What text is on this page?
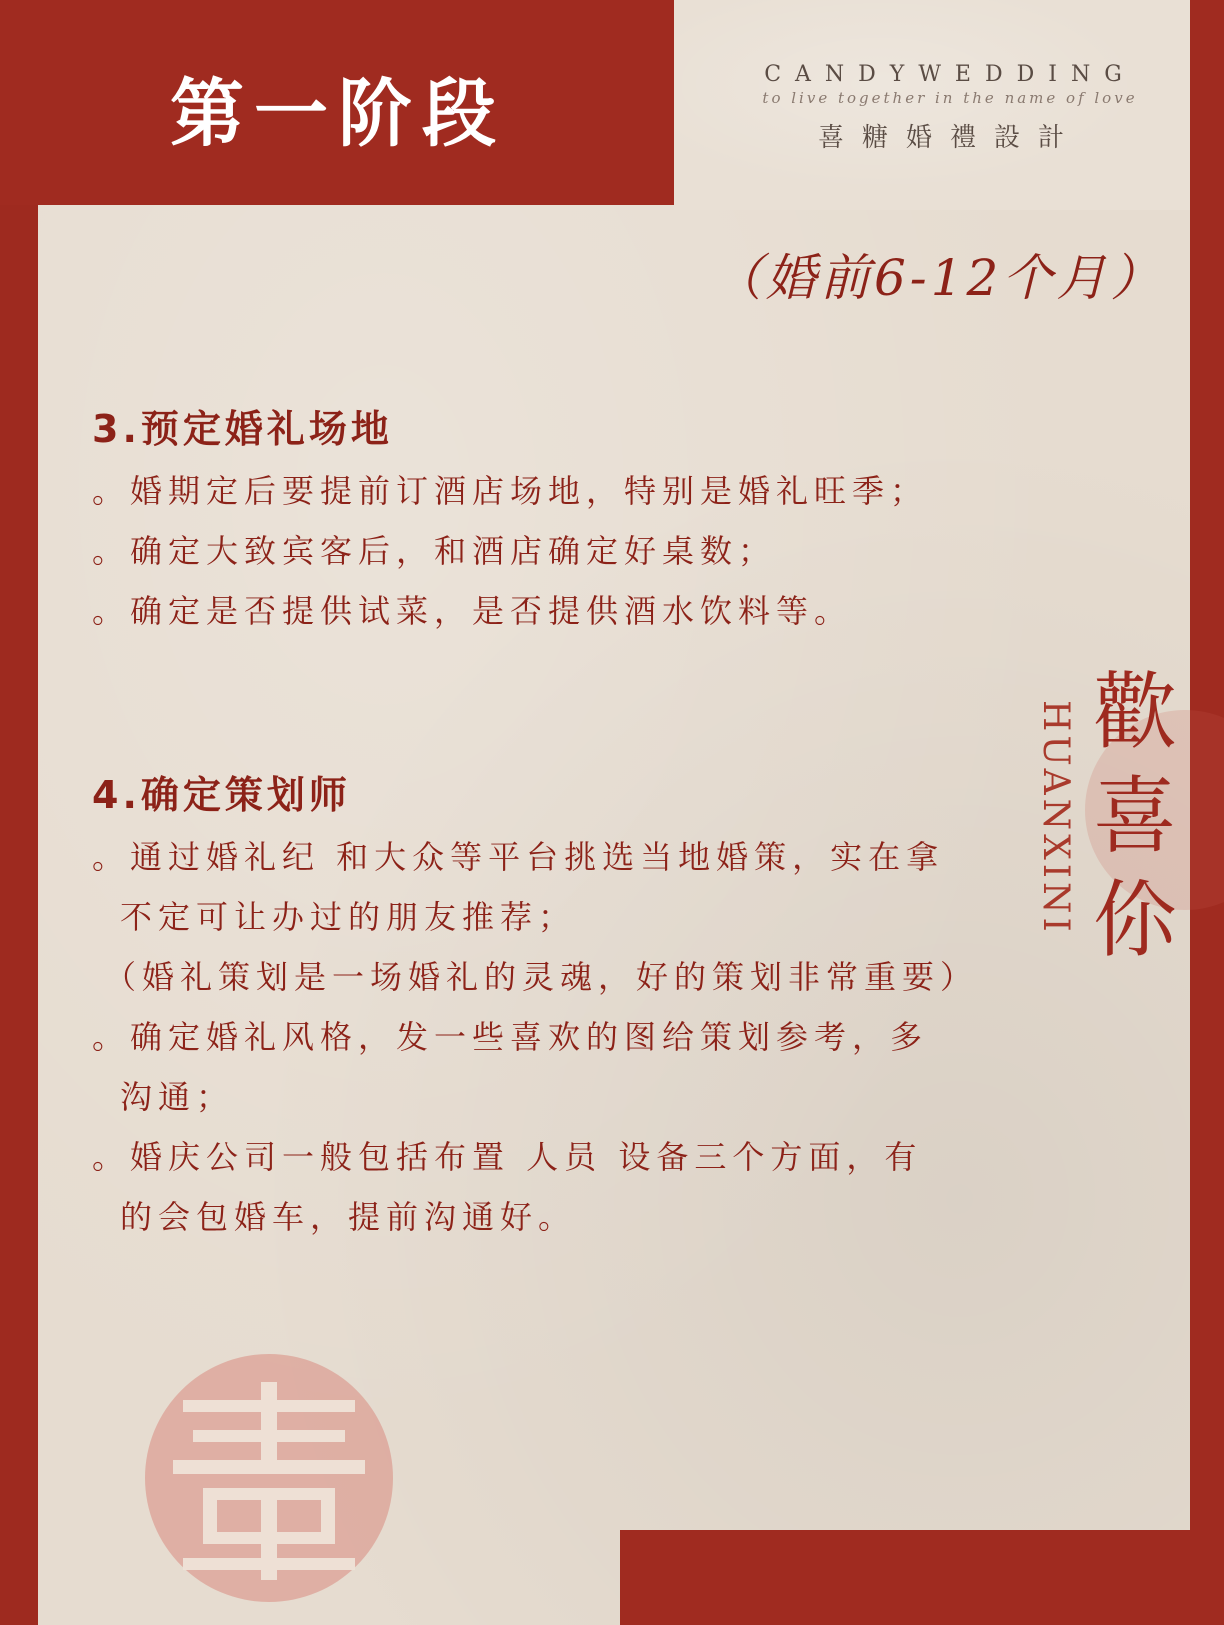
第一阶段	CANDYWEDDING
to live together in the name of love
喜糖婚禮設計
（婚前6-12个月）
3.预定婚礼场地
。婚期定后要提前订酒店场地，特别是婚礼旺季；
。确定大致宾客后，和酒店确定好桌数；
。确定是否提供试菜，是否提供酒水饮料等。
4.确定策划师
。通过婚礼纪 和大众等平台挑选当地婚策，实在拿
不定可让办过的朋友推荐；
（婚礼策划是一场婚礼的灵魂，好的策划非常重要）
。确定婚礼风格，发一些喜欢的图给策划参考，多
沟通；
。婚庆公司一般包括布置 人员 设备三个方面，有
的会包婚车，提前沟通好。
HUANXINI 歡喜伱
